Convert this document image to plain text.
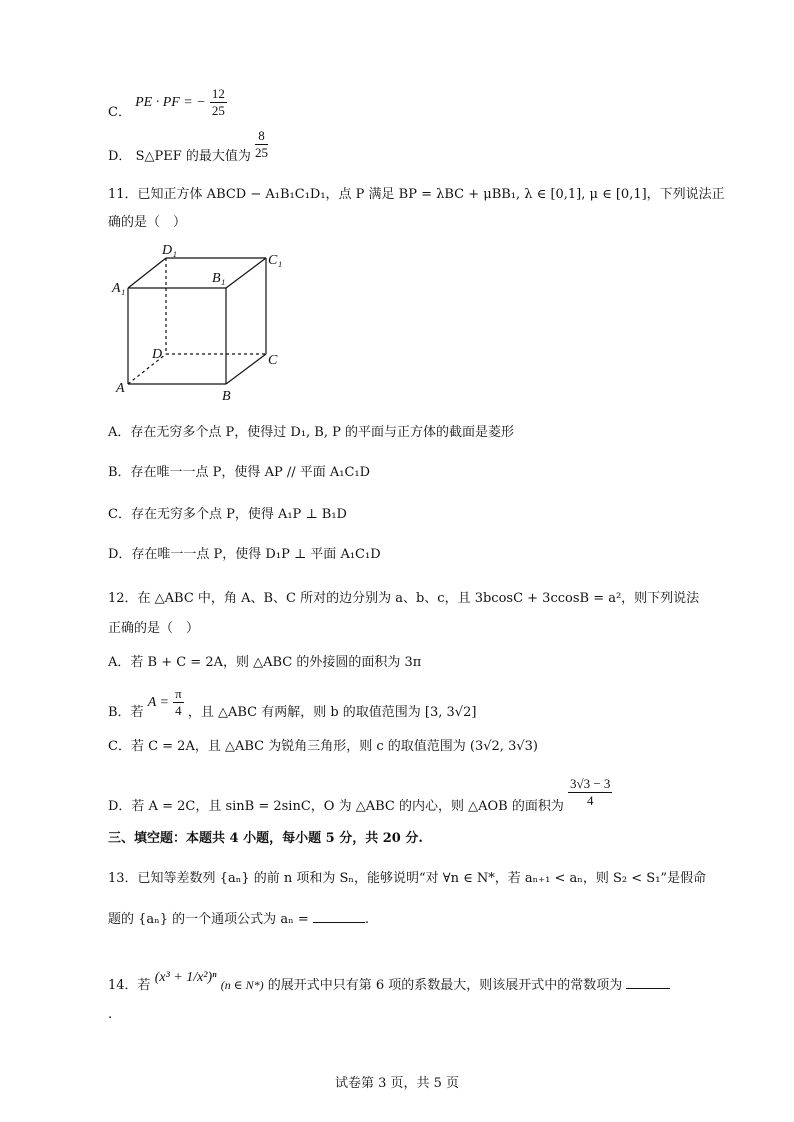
C． PE · PF = − $\frac{12}{25}$
D． S△PEF 的最大值为 $\frac{8}{25}$
11．已知正方体 ABCD − A₁B₁C₁D₁，点 P 满足 BP = λBC + μBB₁, λ ∈ [0,1], μ ∈ [0,1]，下列说法正
确的是（　）
A₁
B₁
C₁
D₁
A
B
C
D
A．存在无穷多个点 P，使得过 D₁, B, P 的平面与正方体的截面是菱形
B．存在唯一一点 P，使得 AP // 平面 A₁C₁D
C．存在无穷多个点 P，使得 A₁P ⊥ B₁D
D．存在唯一一点 P，使得 D₁P ⊥ 平面 A₁C₁D
12．在 △ABC 中，角 A、B、C 所对的边分别为 a、b、c，且 3bcosC + 3ccosB = a²，则下列说法
正确的是（　）
A．若 B + C = 2A，则 △ABC 的外接圆的面积为 3π
B．若 $A = \frac{\pi}{4}$ ，且 △ABC 有两解，则 b 的取值范围为 [3, 3√2]
C．若 C = 2A，且 △ABC 为锐角三角形，则 c 的取值范围为 (3√2, 3√3)
D．若 A = 2C，且 sinB = 2sinC，O 为 △ABC 的内心，则 △AOB 的面积为 $\frac{3√3 - 3}{4}$
三、填空题：本题共 4 小题，每小题 5 分，共 20 分.
13．已知等差数列 {aₙ} 的前 n 项和为 Sₙ，能够说明“对 ∀n ∈ N*，若 aₙ₊₁ < aₙ，则 S₂ < S₁”是假命
题的 {aₙ} 的一个通项公式为 aₙ =	.
14．若 (x³ + 1/x²)ⁿ (n ∈ N*) 的展开式中只有第 6 项的系数最大，则该展开式中的常数项为
.
试卷第 3 页，共 5 页
